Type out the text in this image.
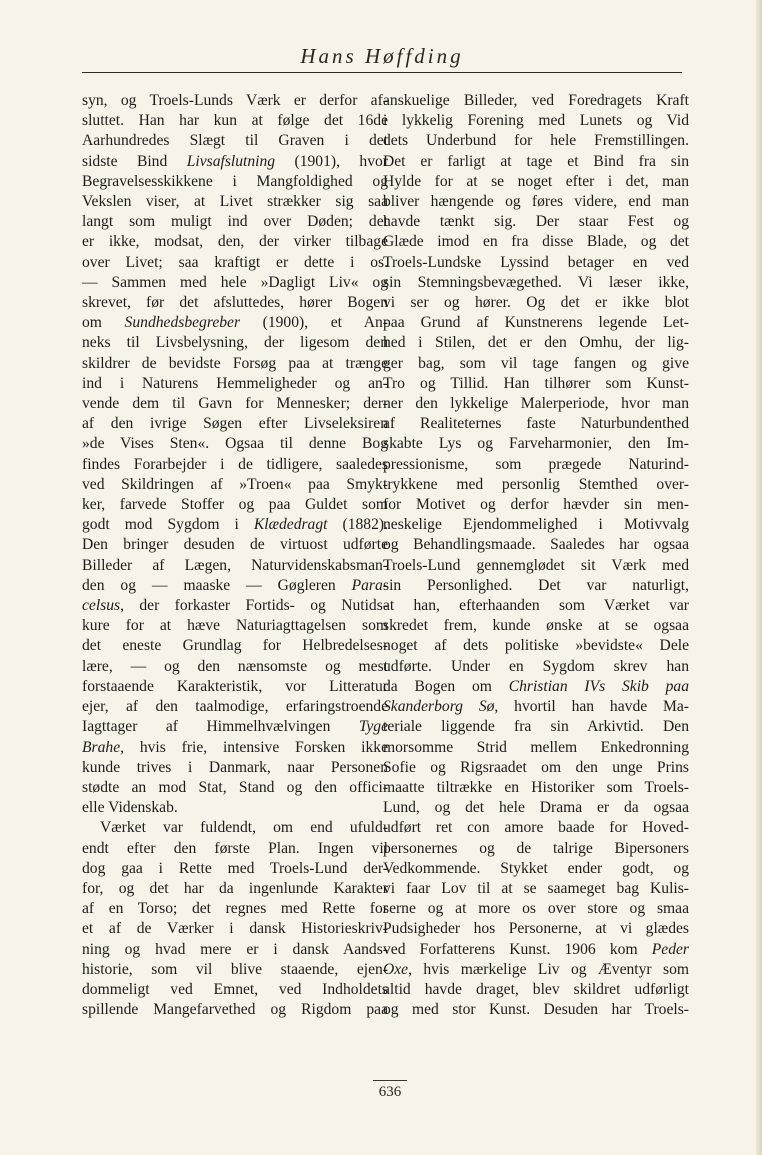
Hans Høffding
syn, og Troels-Lunds Værk er derfor af-
sluttet. Han har kun at følge det 16de
Aarhundredes Slægt til Graven i det
sidste Bind Livsafslutning (1901), hvor
Begravelsesskikkene i Mangfoldighed og
Vekslen viser, at Livet strækker sig saa
langt som muligt ind over Døden; det
er ikke, modsat, den, der virker tilbage
over Livet; saa kraftigt er dette i os.
— Sammen med hele »Dagligt Liv« og
skrevet, før det afsluttedes, hører Bogen
om Sundhedsbegreber (1900), et An-
neks til Livsbelysning, der ligesom den
skildrer de bevidste Forsøg paa at trænge
ind i Naturens Hemmeligheder og an-
vende dem til Gavn for Mennesker; der-
af den ivrige Søgen efter Livseleksiren
»de Vises Sten«. Ogsaa til denne Bog
findes Forarbejder i de tidligere, saaledes
ved Skildringen af »Troen« paa Smyk-
ker, farvede Stoffer og paa Guldet som
godt mod Sygdom i Klædedragt (1882).
Den bringer desuden de virtuost udførte
Billeder af Lægen, Naturvidenskabsman-
den og — maaske — Gøgleren Para-
celsus, der forkaster Fortids- og Nutids-
kure for at hæve Naturiagttagelsen som
det eneste Grundlag for Helbredelses-
lære, — og den nænsomste og mest
forstaaende Karakteristik, vor Litteratur
ejer, af den taalmodige, erfaringstroende
Iagttager af Himmelhvælvingen Tyge
Brahe, hvis frie, intensive Forsken ikke
kunde trives i Danmark, naar Personen
stødte an mod Stat, Stand og den offici-
elle Videnskab.
Værket var fuldendt, om end ufuld-
endt efter den første Plan. Ingen vil
dog gaa i Rette med Troels-Lund der-
for, og det har da ingenlunde Karakter
af en Torso; det regnes med Rette for
et af de Værker i dansk Historieskriv-
ning og hvad mere er i dansk Aands-
historie, som vil blive staaende, ejen-
dommeligt ved Emnet, ved Indholdets
spillende Mangefarvethed og Rigdom paa
anskuelige Billeder, ved Foredragets Kraft
i lykkelig Forening med Lunets og Vid
dets Underbund for hele Fremstillingen.
Det er farligt at tage et Bind fra sin
Hylde for at se noget efter i det, man
bliver hængende og føres videre, end man
havde tænkt sig. Der staar Fest og
Glæde imod en fra disse Blade, og det
Troels-Lundske Lyssind betager en ved
sin Stemningsbevægethed. Vi læser ikke,
vi ser og hører. Og det er ikke blot
paa Grund af Kunstnerens legende Let-
hed i Stilen, det er den Omhu, der lig-
ger bag, som vil tage fangen og give
Tro og Tillid. Han tilhører som Kunst-
ner den lykkelige Malerperiode, hvor man
af Realiteternes faste Naturbundenthed
skabte Lys og Farveharmonier, den Im-
pressionisme, som prægede Naturind-
trykkene med personlig Stemthed over-
for Motivet og derfor hævder sin men-
neskelige Ejendommelighed i Motivvalg
og Behandlingsmaade. Saaledes har ogsaa
Troels-Lund gennemglødet sit Værk med
sin Personlighed. Det var naturligt,
at han, efterhaanden som Værket var
skredet frem, kunde ønske at se ogsaa
noget af dets politiske »bevidste« Dele
udførte. Under en Sygdom skrev han
da Bogen om Christian IVs Skib paa
Skanderborg Sø, hvortil han havde Ma-
teriale liggende fra sin Arkivtid. Den
morsomme Strid mellem Enkedronning
Sofie og Rigsraadet om den unge Prins
maatte tiltrække en Historiker som Troels-
Lund, og det hele Drama er da ogsaa
udført ret con amore baade for Hoved-
personernes og de talrige Bipersoners
Vedkommende. Stykket ender godt, og
vi faar Lov til at se saameget bag Kulis-
serne og at more os over store og smaa
Pudsigheder hos Personerne, at vi glædes
ved Forfatterens Kunst. 1906 kom Peder
Oxe, hvis mærkelige Liv og Æventyr som
altid havde draget, blev skildret udførligt
og med stor Kunst. Desuden har Troels-
636
